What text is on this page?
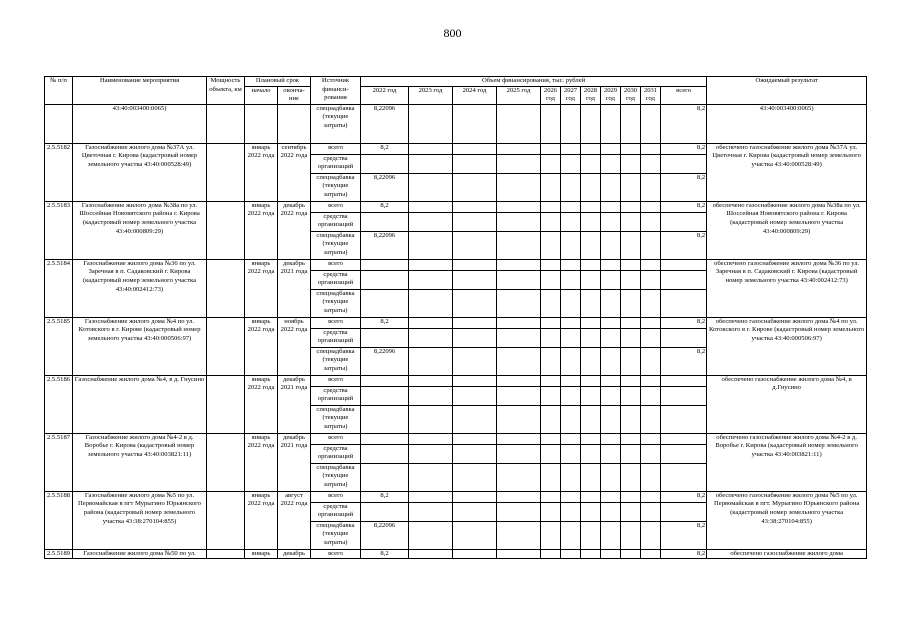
800
№ п/п	Наименование мероприятия	Мощность объекта, км	Плановый срок		Источник финанси-рования	Объем финансирования, тыс. рублей											Ожидаемый результат
			начало	оконча-ние		2022 год	2023 год	2024 год	2025 год	2026 год	2027 год	2028 год	2029 год	2030 год	2031 год	всего	

	43:40:003400:0065)				спецнадбавка (текущие затраты)	8,22096										8,2	43:40:003400:0065)
2.5.5182	Газоснабжение жилого дома №37А ул. Цветочная г. Кирова (кадастровый номер земельного участка 43:40:000528:49)		январь 2022 года	сентябрь 2022 года	всего	8,2										8,2	обеспечено газоснабжение жилого дома №37А ул. Цветочная г. Кирова (кадастровый номер земельного участка 43:40:000528:49)
					средства организаций												
					спецнадбавка (текущие затраты)	8,22096										8,2	
2.5.5183	Газоснабжение жилого дома №38а по ул. Шоссейная Нововятского района г. Кирова (кадастровый номер земельного участка 43:40:000809:29)		январь 2022 года	декабрь 2022 года	всего	8,2										8,2	обеспечено газоснабжение жилого дома №38а по ул. Шоссейная Нововятского района г. Кирова (кадастровый номер земельного участка 43:40:000809:29)
					средства организаций												
					спецнадбавка (текущие затраты)	8,22096										8,2	
2.5.5184	Газоснабжение жилого дома №36 по ул. Заречная в п. Садаковский г. Кирова (кадастровый номер земельного участка 43:40:002412:73)		январь 2022 года	декабрь 2021 года	всего												обеспечено газоснабжение жилого дома №36 по ул. Заречная в п. Садаковский г. Кирова (кадастровый номер земельного участка 43:40:002412:73)
					средства организаций												
					спецнадбавка (текущие затраты)												
2.5.5185	Газоснабжение жилого дома №4 по ул. Котовского в г. Кирове (кадастровый номер земельного участка 43:40:000506:97)		январь 2022 года	ноябрь 2022 года	всего	8,2										8,2	обеспечено газоснабжение жилого дома №4 по ул. Котовского в г. Кирове (кадастровый номер земельного участка 43:40:000506:97)
					средства организаций												
					спецнадбавка (текущие затраты)	8,22096										8,2	
2.5.5186	Газоснабжение жилого дома №4, в д. Гнусино		январь 2022 года	декабрь 2021 года	всего												обеспечено газоснабжение жилого дома №4, в д.Гнусино
					средства организаций												
					спецнадбавка (текущие затраты)												
2.5.5187	Газоснабжение жилого дома №4-2 в д. Воробье г. Кирова (кадастровый номер земельного участка 43:40:003821:11)		январь 2022 года	декабрь 2021 года	всего												обеспечено газоснабжение жилого дома №4-2 в д. Воробье г. Кирова (кадастровый номер земельного участка 43:40:003821:11)
					средства организаций												
					спецнадбавка (текущие затраты)												
2.5.5188	Газоснабжение жилого дома №5 по ул. Первомайская в пгт Мурыгино Юрьянского района (кадастровый номер земельного участка 43:38:270104:855)		январь 2022 года	август 2022 года	всего	8,2										8,2	обеспечено газоснабжение жилого дома №5 по ул. Первомайская в пгт. Мурыгино Юрьянского района (кадастровый номер земельного участка 43:38:270104:855)
					средства организаций												
					спецнадбавка (текущие затраты)	8,22096										8,2	
2.5.5189	Газоснабжение жилого дома №50 по ул.		январь	декабрь	всего	8,2										8,2	обеспечено газоснабжение жилого дома
